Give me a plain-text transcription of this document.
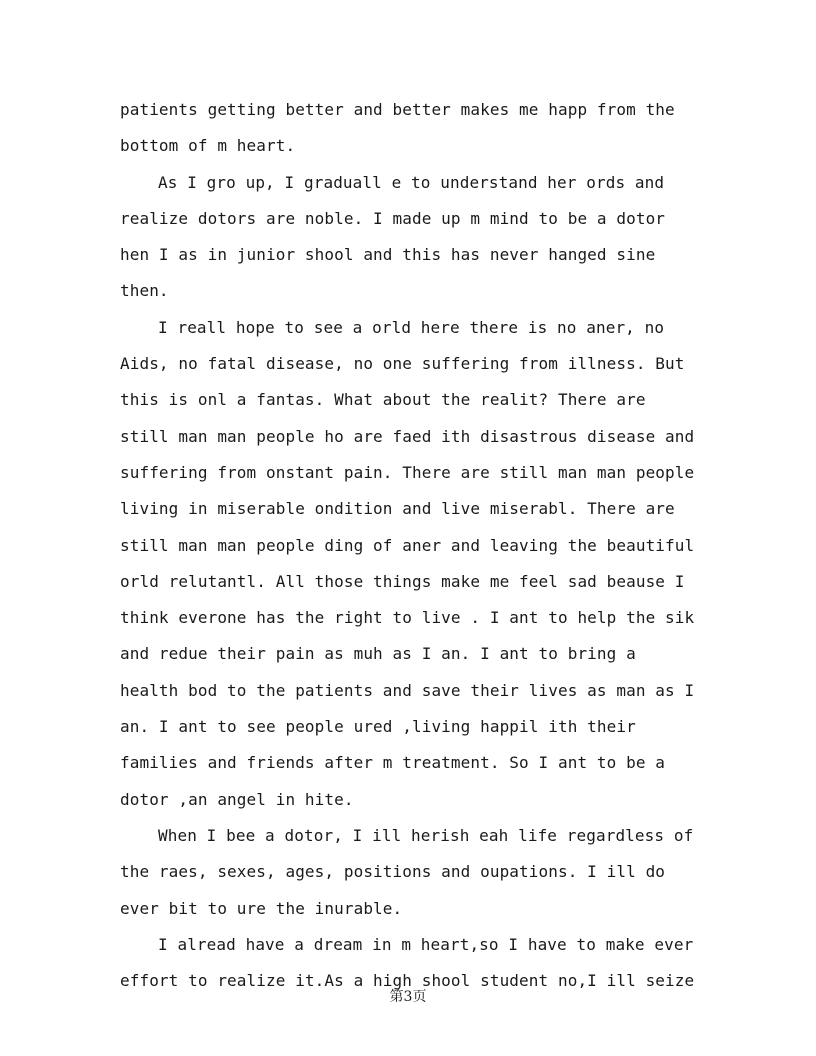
patients getting better and better makes me happ from the bottom of m heart.

As I gro up, I graduall e to understand her ords and realize dotors are noble. I made up m mind to be a dotor hen I as in junior shool and this has never hanged sine then.

I reall hope to see a orld here there is no aner, no Aids, no fatal disease, no one suffering from illness. But this is onl a fantas. What about the realit? There are still man man people ho are faed ith disastrous disease and suffering from onstant pain. There are still man man people living in miserable ondition and live miserabl. There are still man man people ding of aner and leaving the beautiful orld relutantl. All those things make me feel sad beause I think everone has the right to live . I ant to help the sik and redue their pain as muh as I an. I ant to bring a health bod to the patients and save their lives as man as I an. I ant to see people ured ,living happil ith their families and friends after m treatment. So I ant to be a dotor ,an angel in hite.

When I bee a dotor, I ill herish eah life regardless of the raes, sexes, ages, positions and oupations. I ill do ever bit to ure the inurable.

I alread have a dream in m heart,so I have to make ever effort to realize it.As a high shool student no,I ill seize

第3页
